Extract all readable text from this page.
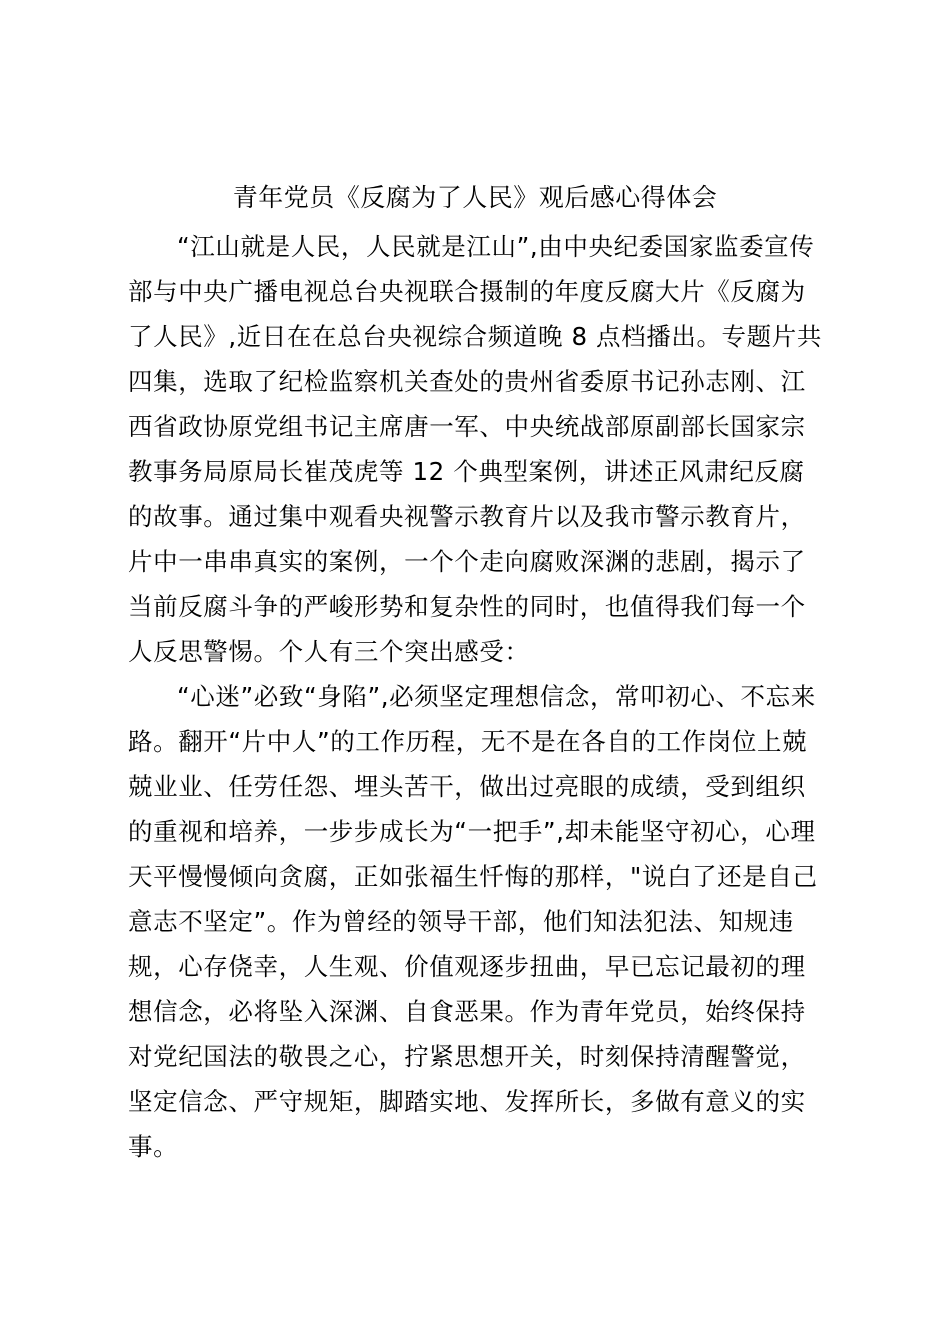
青年党员《反腐为了人民》观后感心得体会

“江山就是人民，人民就是江山”,由中央纪委国家监委宣传
部与中央广播电视总台央视联合摄制的年度反腐大片《反腐为
了人民》,近日在在总台央视综合频道晚 8 点档播出。专题片共
四集，选取了纪检监察机关查处的贵州省委原书记孙志刚、江
西省政协原党组书记主席唐一军、中央统战部原副部长国家宗
教事务局原局长崔茂虎等 12 个典型案例，讲述正风肃纪反腐
的故事。通过集中观看央视警示教育片以及我市警示教育片，
片中一串串真实的案例，一个个走向腐败深渊的悲剧，揭示了
当前反腐斗争的严峻形势和复杂性的同时，也值得我们每一个
人反思警惕。个人有三个突出感受：

“心迷”必致“身陷”,必须坚定理想信念，常叩初心、不忘来
路。翻开“片中人”的工作历程，无不是在各自的工作岗位上兢
兢业业、任劳任怨、埋头苦干，做出过亮眼的成绩，受到组织
的重视和培养，一步步成长为“一把手”,却未能坚守初心，心理
天平慢慢倾向贪腐，正如张福生忏悔的那样，"说白了还是自己
意志不坚定”。作为曾经的领导干部，他们知法犯法、知规违
规，心存侥幸，人生观、价值观逐步扭曲，早已忘记最初的理
想信念，必将坠入深渊、自食恶果。作为青年党员，始终保持
对党纪国法的敬畏之心，拧紧思想开关，时刻保持清醒警觉，
坚定信念、严守规矩，脚踏实地、发挥所长，多做有意义的实
事。
